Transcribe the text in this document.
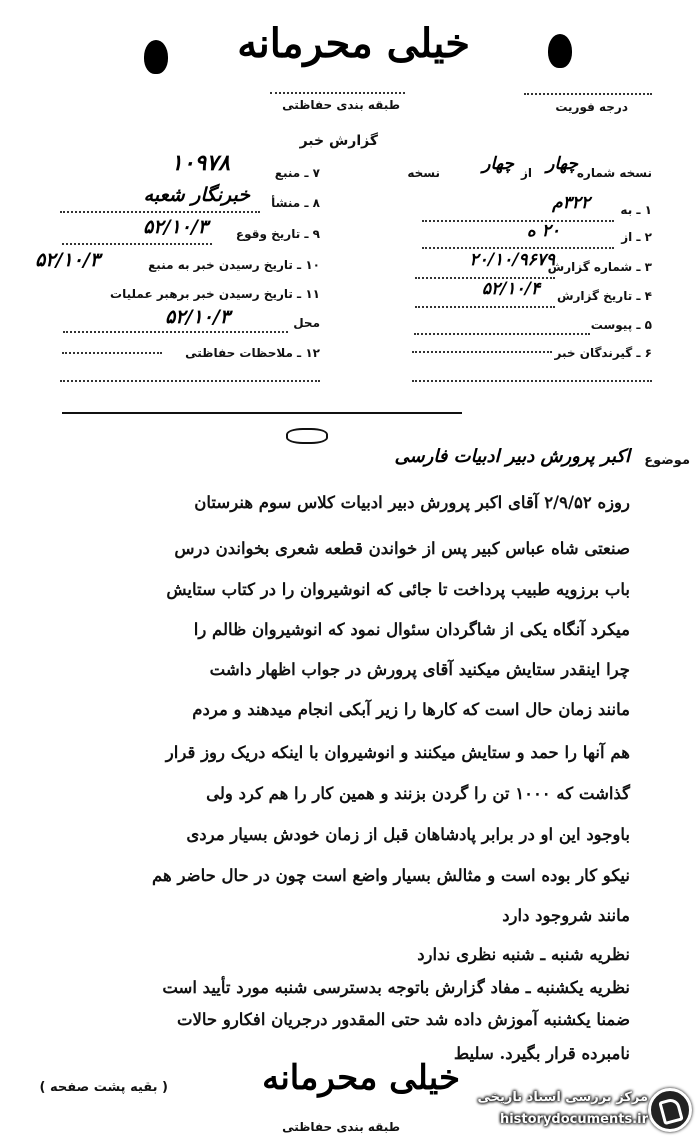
خیلی محرمانه
درجه فوریت
طبقه بندی حفاظتی
گزارش خبر
نسخه شماره
چهار
از
چهار
نسخه
۱ ـ به
۳۲۲م
۲ ـ از
۲۰ ه
۳ ـ شماره گزارش
۲۰/۱۰/۹۶۷۹
۴ ـ تاریخ گزارش
۵۲/۱۰/۴
۵ ـ پیوست
۶ ـ گیرندگان خبر
۷ ـ منبع
۱۰۹۷۸
۸ ـ منشأ
خبرنگار شعبه
۹ ـ تاریخ وقوع
۵۲/۱۰/۳
۱۰ ـ تاریخ رسیدن خبر به منبع
۵۲/۱۰/۳
۱۱ ـ تاریخ رسیدن خبر برهبر عملیات
محل
۵۲/۱۰/۳
۱۲ ـ ملاحظات حفاظتی
موضوع
اکبر پرورش دبیر ادبیات فارسی
روزه ۲/۹/۵۲ آقای اکبر پرورش دبیر ادبیات کلاس سوم هنرستان
صنعتی شاه عباس کبیر پس از خواندن قطعه شعری بخواندن درس
باب برزویه طبیب پرداخت تا جائی که انوشیروان را در کتاب ستایش
میکرد آنگاه یکی از شاگردان سئوال نمود که انوشیروان ظالم را
چرا اینقدر ستایش میکنید آقای پرورش در جواب اظهار داشت
مانند زمان حال است که کارها را زیر آبکی انجام میدهند و مردم
هم آنها را حمد و ستایش میکنند و انوشیروان با اینکه دریک روز قرار
گذاشت که ۱۰۰۰ تن را گردن بزنند و همین کار را هم کرد ولی
باوجود این او در برابر پادشاهان قبل از زمان خودش بسیار مردی
نیکو کار بوده است و مثالش بسیار واضع است چون در حال حاضر هم
مانند شروجود دارد
نظریه شنبه ـ شنبه نظری ندارد
نظریه یکشنبه ـ مفاد گزارش باتوجه بدسترسی شنبه مورد تأیید است
ضمنا یکشنبه آموزش داده شد حتی المقدور درجریان افکارو حالات
نامبرده قرار بگیرد. سلیط
( بقیه پشت صفحه )	خیلی محرمانه
طبقه بندی حفاظتی
مرکز بررسی اسناد تاریخی
historydocuments.ir
